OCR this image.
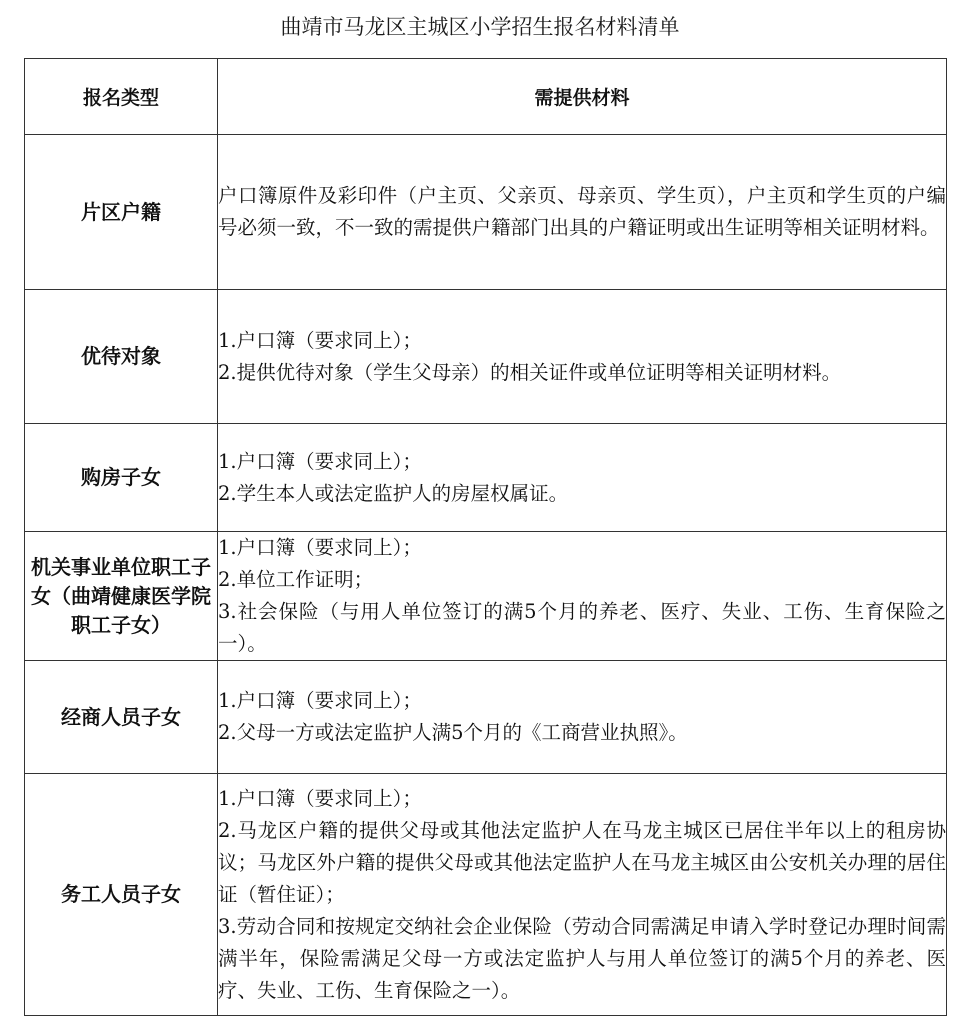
曲靖市马龙区主城区小学招生报名材料清单
报名类型	需提供材料
片区户籍	户口簿原件及彩印件（户主页、父亲页、母亲页、学生页），户主页和学生页的户编号必须一致，不一致的需提供户籍部门出具的户籍证明或出生证明等相关证明材料。

优待对象	1.户口簿（要求同上）；
2.提供优待对象（学生父母亲）的相关证件或单位证明等相关证明材料。

购房子女	1.户口簿（要求同上）；
2.学生本人或法定监护人的房屋权属证。

机关事业单位职工子女（曲靖健康医学院职工子女）	1.户口簿（要求同上）；
2.单位工作证明；
3.社会保险（与用人单位签订的满5个月的养老、医疗、失业、工伤、生育保险之一）。

经商人员子女	1.户口簿（要求同上）；
2.父母一方或法定监护人满5个月的《工商营业执照》。

务工人员子女	1.户口簿（要求同上）；
2.马龙区户籍的提供父母或其他法定监护人在马龙主城区已居住半年以上的租房协议；马龙区外户籍的提供父母或其他法定监护人在马龙主城区由公安机关办理的居住证（暂住证）；
3.劳动合同和按规定交纳社会企业保险（劳动合同需满足申请入学时登记办理时间需满半年，保险需满足父母一方或法定监护人与用人单位签订的满5个月的养老、医疗、失业、工伤、生育保险之一）。
